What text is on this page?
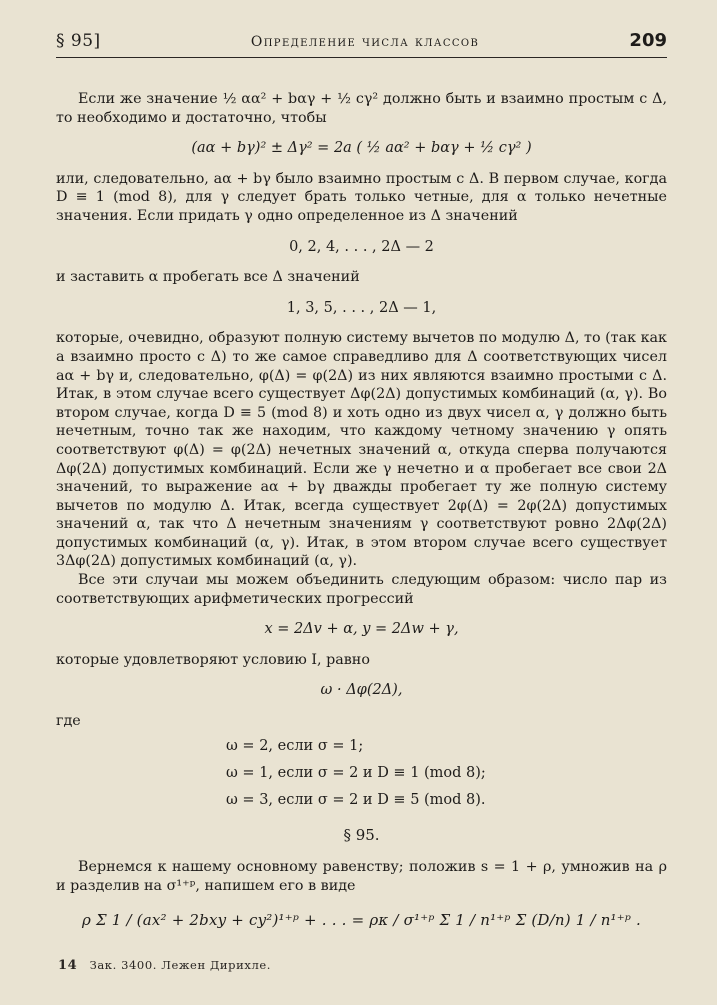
§ 95]	Определение числа классов	209

Если же значение ½ αα² + bαγ + ½ cγ² должно быть и взаимно простым с Δ, то необходимо и достаточно, чтобы

(aα + bγ)² ± Δγ² = 2a ( ½ aα² + bαγ + ½ cγ² )

или, следовательно, aα + bγ было взаимно простым с Δ. В первом случае, когда D ≡ 1 (mod 8), для γ следует брать только четные, для α только нечетные значения. Если придать γ одно определенное из Δ значений

0, 2, 4, . . . , 2Δ — 2

и заставить α пробегать все Δ значений

1, 3, 5, . . . , 2Δ — 1,

которые, очевидно, образуют полную систему вычетов по модулю Δ, то (так как a взаимно просто с Δ) то же самое справедливо для Δ соответствующих чисел aα + bγ и, следовательно, φ(Δ) = φ(2Δ) из них являются взаимно простыми с Δ. Итак, в этом случае всего существует Δφ(2Δ) допустимых комбинаций (α, γ). Во втором случае, когда D ≡ 5 (mod 8) и хоть одно из двух чисел α, γ должно быть нечетным, точно так же находим, что каждому четному значению γ опять соответствуют φ(Δ) = φ(2Δ) нечетных значений α, откуда сперва получаются Δφ(2Δ) допустимых комбинаций. Если же γ нечетно и α пробегает все свои 2Δ значений, то выражение aα + bγ дважды пробегает ту же полную систему вычетов по модулю Δ. Итак, всегда существует 2φ(Δ) = 2φ(2Δ) допустимых значений α, так что Δ нечетным значениям γ соответствуют ровно 2Δφ(2Δ) допустимых комбинаций (α, γ). Итак, в этом втором случае всего существует 3Δφ(2Δ) допустимых комбинаций (α, γ).

Все эти случаи мы можем объединить следующим образом: число пар из соответствующих арифметических прогрессий

x = 2Δv + α, y = 2Δw + γ,

которые удовлетворяют условию I, равно

ω · Δφ(2Δ),
где
ω = 2, если σ = 1;
ω = 1, если σ = 2 и D ≡ 1 (mod 8);
ω = 3, если σ = 2 и D ≡ 5 (mod 8).
§ 95.

Вернемся к нашему основному равенству; положив s = 1 + ρ, умножив на ρ и разделив на σ¹⁺ᵖ, напишем его в виде

ρ Σ 1 / (ax² + 2bxy + cy²)¹⁺ᵖ + . . . = ρκ / σ¹⁺ᵖ Σ 1 / n¹⁺ᵖ Σ (D/n) 1 / n¹⁺ᵖ .
14 Зак. 3400. Лежен Дирихле.
